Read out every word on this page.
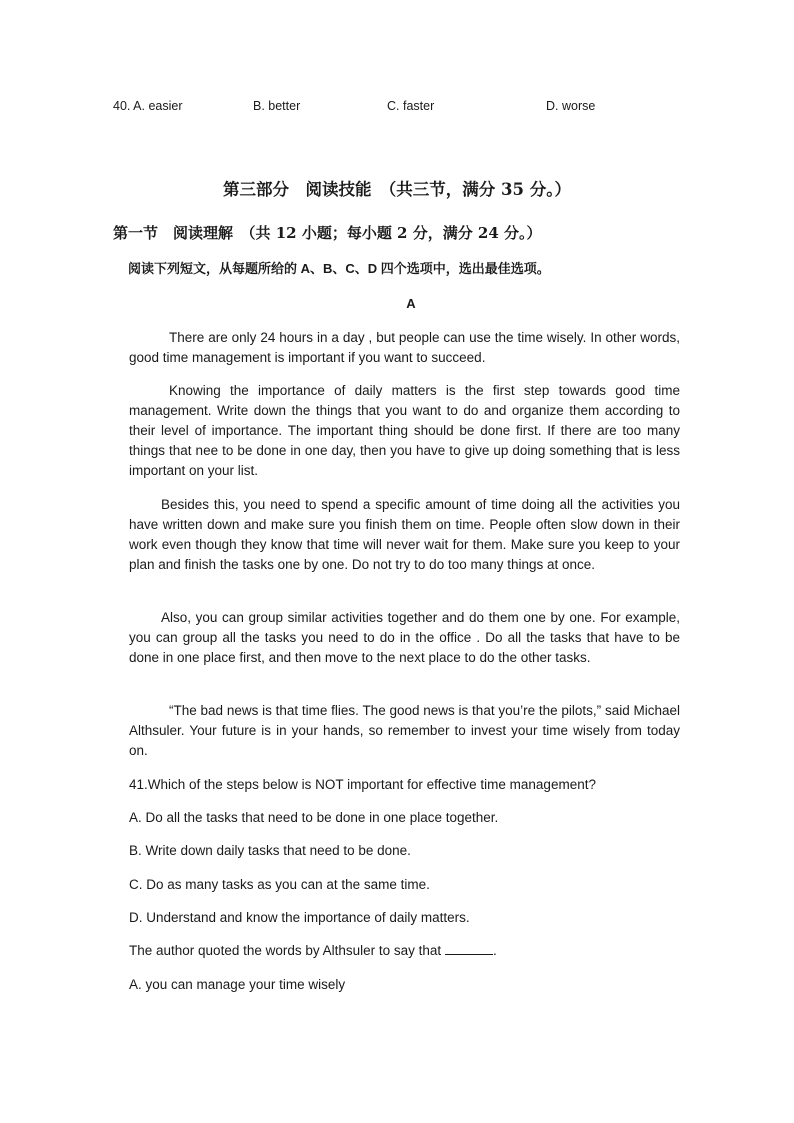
40. A. easier	B. better	C. faster	D. worse
第三部分　阅读技能　（共三节，满分 35 分。）
第一节　阅读理解　（共 12 小题；每小题 2 分，满分 24 分。）
阅读下列短文，从每题所给的 A、B、C、D 四个选项中，选出最佳选项。
A

There are only 24 hours in a day , but people can use the time wisely. In other words, good time management is important if you want to succeed.

Knowing the importance of daily matters is the first step towards good time management. Write down the things that you want to do and organize them according to their level of importance. The important thing should be done first. If there are too many things that nee to be done in one day, then you have to give up doing something that is less important on your list.

Besides this, you need to spend a specific amount of time doing all the activities you have written down and make sure you finish them on time. People often slow down in their work even though they know that time will never wait for them. Make sure you keep to your plan and finish the tasks one by one. Do not try to do too many things at once.

Also, you can group similar activities together and do them one by one. For example, you can group all the tasks you need to do in the office . Do all the tasks that have to be done in one place first, and then move to the next place to do the other tasks.

“The bad news is that time flies. The good news is that you’re the pilots,” said Michael Althsuler. Your future is in your hands, so remember to invest your time wisely from today on.

41.Which of the steps below is NOT important for effective time management?
A. Do all the tasks that need to be done in one place together.
B. Write down daily tasks that need to be done.
C. Do as many tasks as you can at the same time.
D. Understand and know the importance of daily matters.
The author quoted the words by Althsuler to say that	.
A. you can manage your time wisely
